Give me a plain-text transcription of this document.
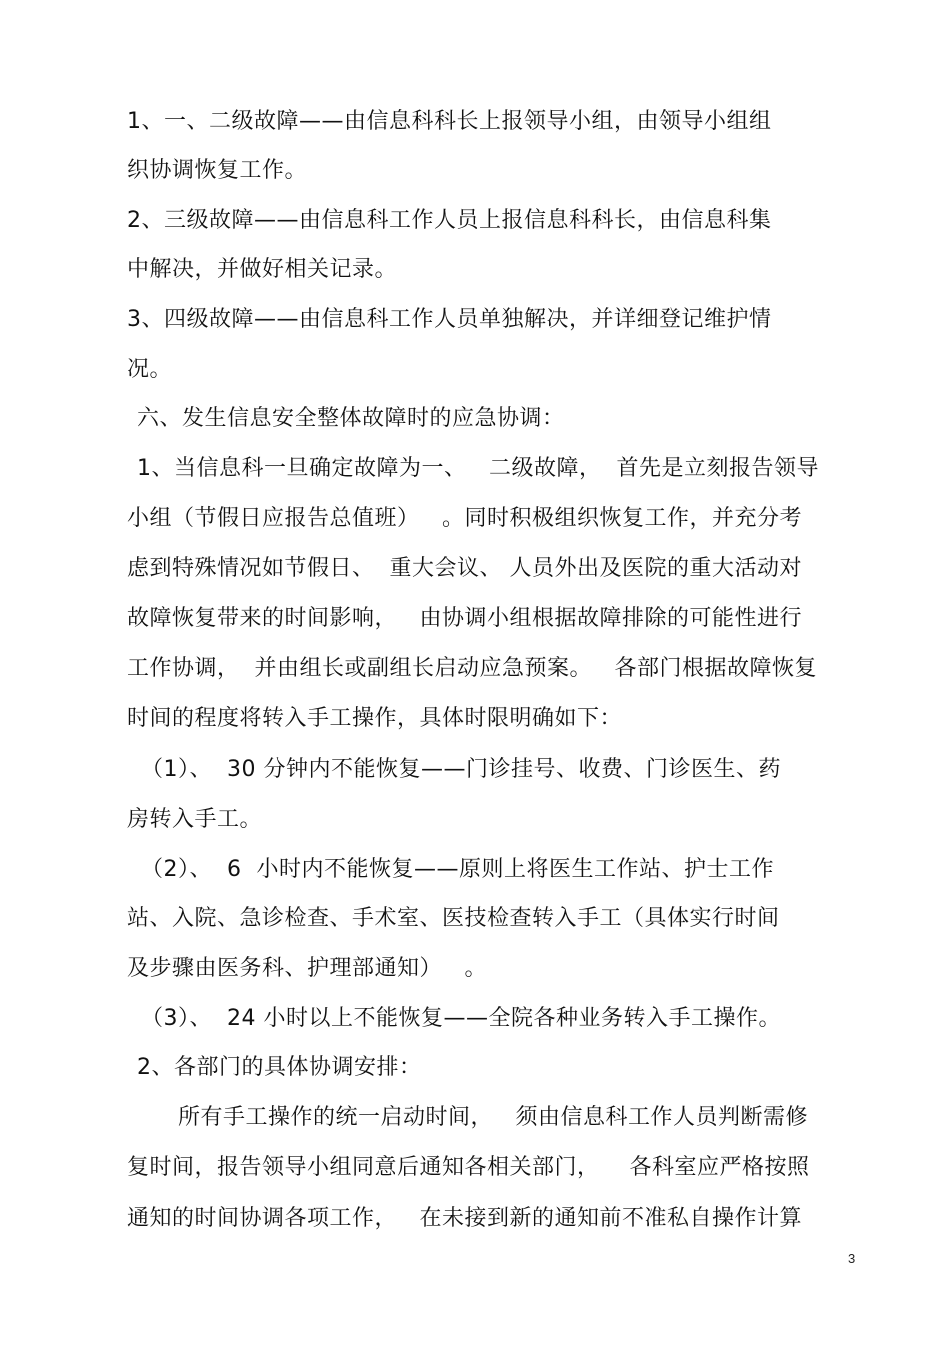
1、一、二级故障——由信息科科长上报领导小组，由领导小组组
织协调恢复工作。
2、三级故障——由信息科工作人员上报信息科科长，由信息科集
中解决，并做好相关记录。
3、四级故障——由信息科工作人员单独解决，并详细登记维护情
况。
六、发生信息安全整体故障时的应急协调：
1、当信息科一旦确定故障为一、   二级故障，  首先是立刻报告领导
小组（节假日应报告总值班）   。同时积极组织恢复工作，并充分考
虑到特殊情况如节假日、  重大会议、 人员外出及医院的重大活动对
故障恢复带来的时间影响，   由协调小组根据故障排除的可能性进行
工作协调，  并由组长或副组长启动应急预案。   各部门根据故障恢复
时间的程度将转入手工操作，具体时限明确如下：
（1）、  30 分钟内不能恢复——门诊挂号、收费、门诊医生、药
房转入手工。
（2）、  6  小时内不能恢复——原则上将医生工作站、护士工作
站、入院、急诊检查、手术室、医技检查转入手工（具体实行时间
及步骤由医务科、护理部通知）   。
（3）、  24 小时以上不能恢复——全院各种业务转入手工操作。
2、各部门的具体协调安排：
所有手工操作的统一启动时间，   须由信息科工作人员判断需修
复时间，报告领导小组同意后通知各相关部门，    各科室应严格按照
通知的时间协调各项工作，   在未接到新的通知前不准私自操作计算
3
